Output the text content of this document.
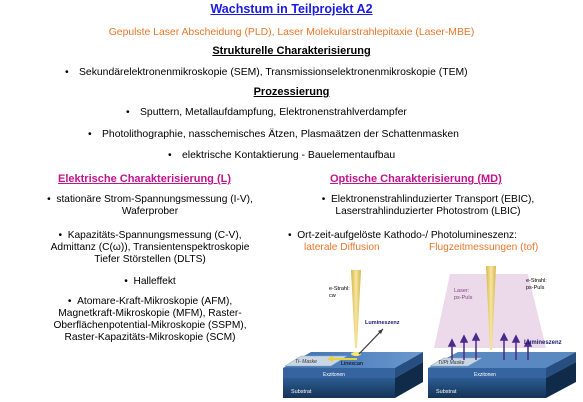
Wachstum in Teilprojekt A2
Gepulste Laser Abscheidung (PLD), Laser Molekularstrahlepitaxie (Laser-MBE)
Strukturelle Charakterisierung
• Sekundärelektronenmikroskopie (SEM), Transmissionselektronenmikroskopie (TEM)
Prozessierung
• Sputtern, Metallaufdampfung, Elektronenstrahlverdampfer
• Photolithographie, nasschemisches Ätzen, Plasmaätzen der Schattenmasken
• elektrische Kontaktierung - Bauelementaufbau
Elektrische Charakterisierung (L)
• stationäre Strom-Spannungsmessung (I-V),
Waferprober
• Kapazitäts-Spannungsmessung (C-V),
Admittanz (C(ω)), Transientenspektroskopie
Tiefer Störstellen (DLTS)
• Halleffekt
• Atomare-Kraft-Mikroskopie (AFM),
Magnetkraft-Mikroskopie (MFM), Raster-
Oberflächenpotential-Mikroskopie (SSPM),
Raster-Kapazitäts-Mikroskopie (SCM)
Optische Charakterisierung (MD)
• Elektronenstrahlinduzierter Transport (EBIC),
Laserstrahlinduzierter Photostrom (LBIC)
• Ort-zeit-aufgelöste Kathodo-/ Photolumineszenz:
laterale Diffusion	Flugzeitmessungen (tof)
e-Strahl:
cw
Lumineszenz
Linescan
Ti- Maske
Exzitonen
Substrat
Laser:
ps-Puls
e-Strahl:
ps-Puls
Lumineszenz
Ti/Pt Maske
Exzitonen
Substrat
